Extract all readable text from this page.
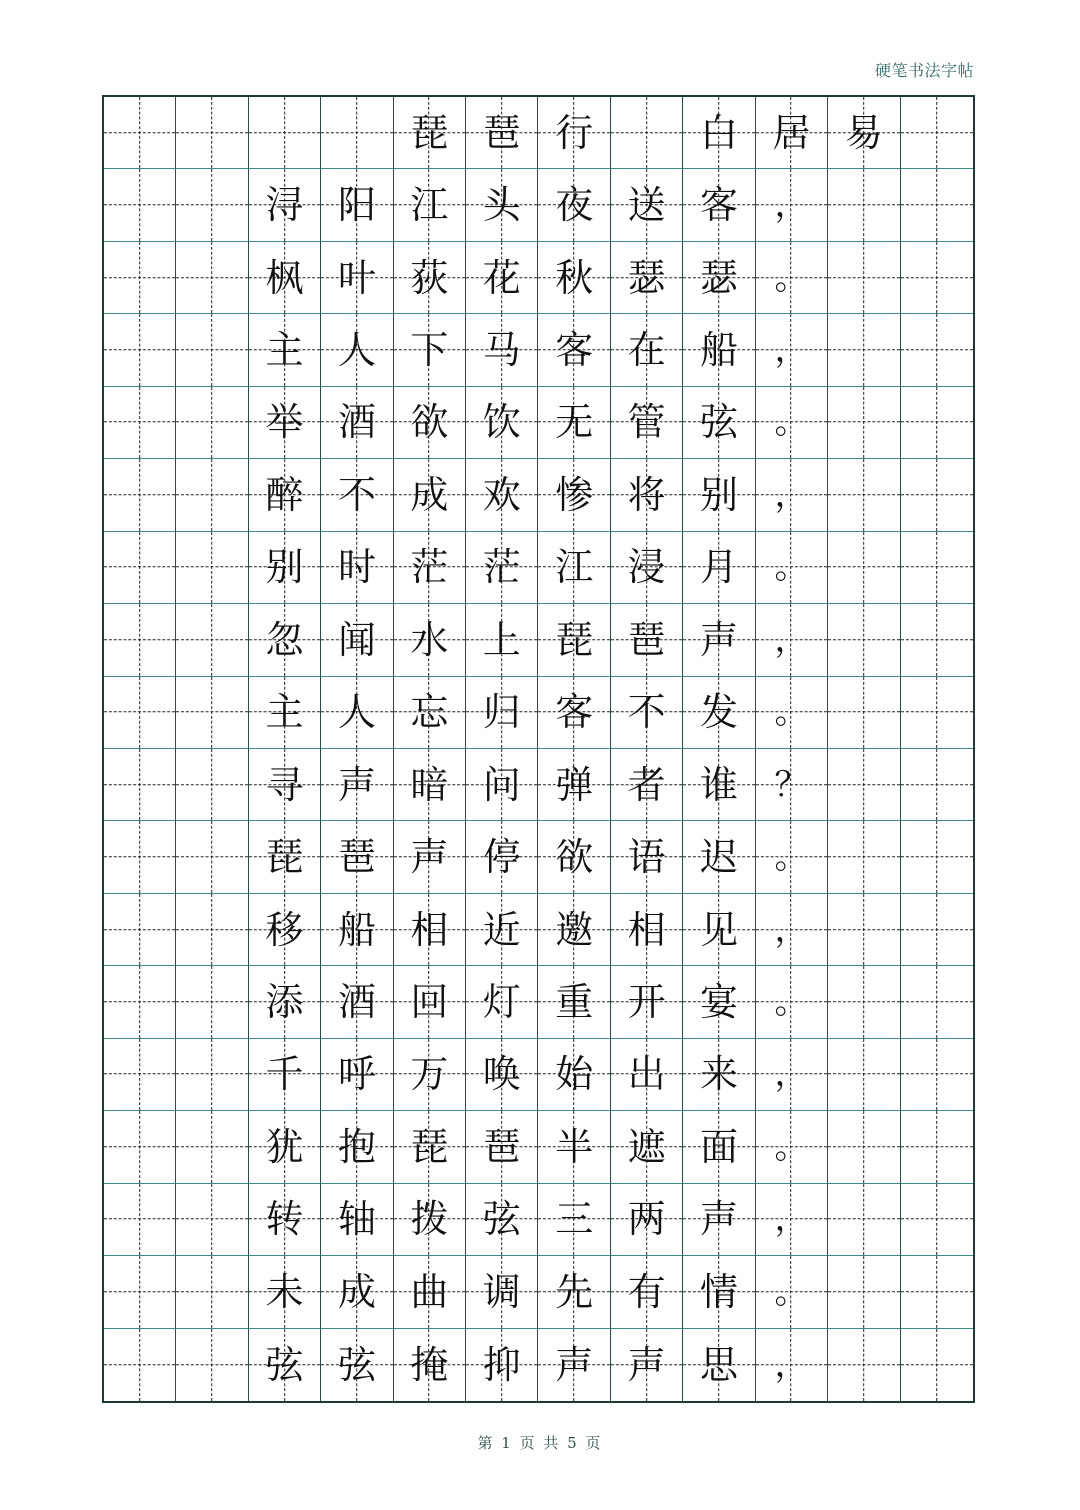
硬笔书法字帖
琵 琶 行	白 居 易
浔 阳 江 头 夜 送 客 ，
枫 叶 荻 花 秋 瑟 瑟 。
主 人 下 马 客 在 船 ，
举 酒 欲 饮 无 管 弦 。
醉 不 成 欢 惨 将 别 ，
别 时 茫 茫 江 浸 月 。
忽 闻 水 上 琵 琶 声 ，
主 人 忘 归 客 不 发 。
寻 声 暗 问 弹 者 谁 ？
琵 琶 声 停 欲 语 迟 。
移 船 相 近 邀 相 见 ，
添 酒 回 灯 重 开 宴 。
千 呼 万 唤 始 出 来 ，
犹 抱 琵 琶 半 遮 面 。
转 轴 拨 弦 三 两 声 ，
未 成 曲 调 先 有 情 。
弦 弦 掩 抑 声 声 思 ，
第 1 页 共 5 页
